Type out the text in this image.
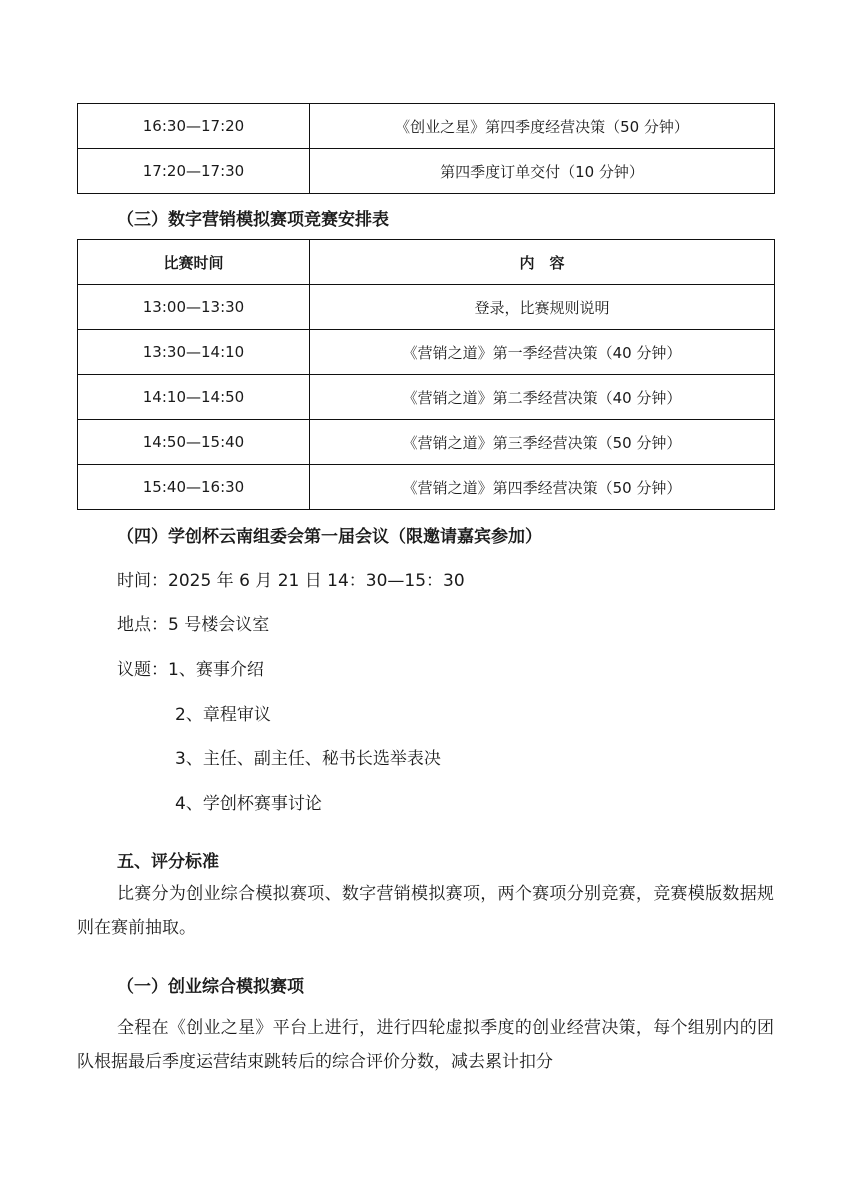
16:30—17:20	《创业之星》第四季度经营决策（50 分钟）
17:20—17:30	第四季度订单交付（10 分钟）
（三）数字营销模拟赛项竞赛安排表
比赛时间	内　容
13:00—13:30	登录，比赛规则说明
13:30—14:10	《营销之道》第一季经营决策（40 分钟）
14:10—14:50	《营销之道》第二季经营决策（40 分钟）
14:50—15:40	《营销之道》第三季经营决策（50 分钟）
15:40—16:30	《营销之道》第四季经营决策（50 分钟）
（四）学创杯云南组委会第一届会议（限邀请嘉宾参加）
时间：2025 年 6 月 21 日 14：30—15：30
地点：5 号楼会议室
议题：1、赛事介绍
2、章程审议
3、主任、副主任、秘书长选举表决
4、学创杯赛事讨论
五、评分标准
比赛分为创业综合模拟赛项、数字营销模拟赛项，两个赛项分别竞赛，竞赛模版数据规则在赛前抽取。
（一）创业综合模拟赛项
全程在《创业之星》平台上进行，进行四轮虚拟季度的创业经营决策，每个组别内的团队根据最后季度运营结束跳转后的综合评价分数，减去累计扣分
